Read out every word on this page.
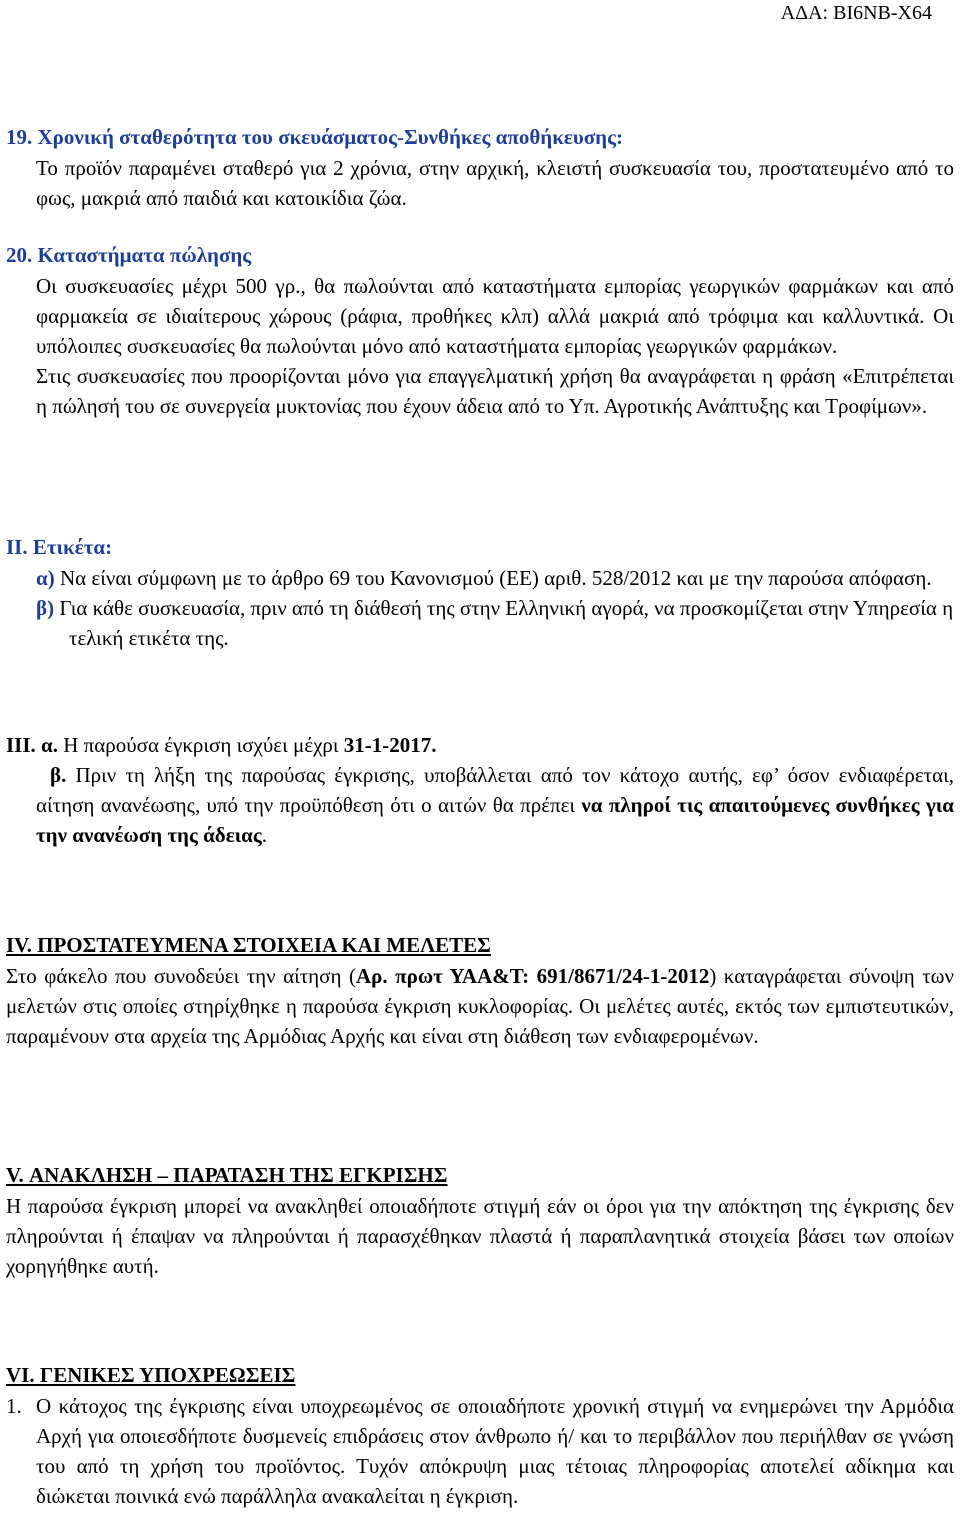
ΑΔΑ: ΒΙ6ΝΒ-Χ64
19. Χρονική σταθερότητα του σκευάσματος-Συνθήκες αποθήκευσης:
Το προϊόν παραμένει σταθερό για 2 χρόνια, στην αρχική, κλειστή συσκευασία του, προστατευμένο από το φως, μακριά από παιδιά και κατοικίδια ζώα.
20. Καταστήματα πώλησης
Οι συσκευασίες μέχρι 500 γρ., θα πωλούνται από καταστήματα εμπορίας γεωργικών φαρμάκων και από φαρμακεία σε ιδιαίτερους χώρους (ράφια, προθήκες κλπ) αλλά μακριά από τρόφιμα και καλλυντικά. Οι υπόλοιπες συσκευασίες θα πωλούνται μόνο από καταστήματα εμπορίας γεωργικών φαρμάκων.
Στις συσκευασίες που προορίζονται μόνο για επαγγελματική χρήση θα αναγράφεται η φράση «Επιτρέπεται η πώλησή του σε συνεργεία μυκτονίας που έχουν άδεια από το Υπ. Αγροτικής Ανάπτυξης και Τροφίμων».
ΙΙ. Ετικέτα:
α) Να είναι σύμφωνη με το άρθρο 69 του Κανονισμού (ΕΕ) αριθ. 528/2012 και με την παρούσα απόφαση.
β) Για κάθε συσκευασία, πριν από τη διάθεσή της στην Ελληνική αγορά, να προσκομίζεται στην Υπηρεσία η τελική ετικέτα της.
ΙΙΙ. α. Η παρούσα έγκριση ισχύει μέχρι 31-1-2017.
β. Πριν τη λήξη της παρούσας έγκρισης, υποβάλλεται από τον κάτοχο αυτής, εφ’ όσον ενδιαφέρεται, αίτηση ανανέωσης, υπό την προϋπόθεση ότι ο αιτών θα πρέπει να πληροί τις απαιτούμενες συνθήκες για την ανανέωση της άδειας.
IV. ΠΡΟΣΤΑΤΕΥΜΕΝΑ ΣΤΟΙΧΕΙΑ ΚΑΙ ΜΕΛΕΤΕΣ
Στο φάκελο που συνοδεύει την αίτηση (Αρ. πρωτ ΥΑΑ&Τ: 691/8671/24-1-2012) καταγράφεται σύνοψη των μελετών στις οποίες στηρίχθηκε η παρούσα έγκριση κυκλοφορίας. Οι μελέτες αυτές, εκτός των εμπιστευτικών, παραμένουν στα αρχεία της Αρμόδιας Αρχής και είναι στη διάθεση των ενδιαφερομένων.
V. ΑΝΑΚΛΗΣΗ – ΠΑΡΑΤΑΣΗ ΤΗΣ ΕΓΚΡΙΣΗΣ
Η παρούσα έγκριση μπορεί να ανακληθεί οποιαδήποτε στιγμή εάν οι όροι για την απόκτηση της έγκρισης δεν πληρούνται ή έπαψαν να πληρούνται ή παρασχέθηκαν πλαστά ή παραπλανητικά στοιχεία βάσει των οποίων χορηγήθηκε αυτή.
VI. ΓΕΝΙΚΕΣ ΥΠΟΧΡΕΩΣΕΙΣ
1. Ο κάτοχος της έγκρισης είναι υποχρεωμένος σε οποιαδήποτε χρονική στιγμή να ενημερώνει την Αρμόδια Αρχή για οποιεσδήποτε δυσμενείς επιδράσεις στον άνθρωπο ή/ και το περιβάλλον που περιήλθαν σε γνώση του από τη χρήση του προϊόντος. Τυχόν απόκρυψη μιας τέτοιας πληροφορίας αποτελεί αδίκημα και διώκεται ποινικά ενώ παράλληλα ανακαλείται η έγκριση.
